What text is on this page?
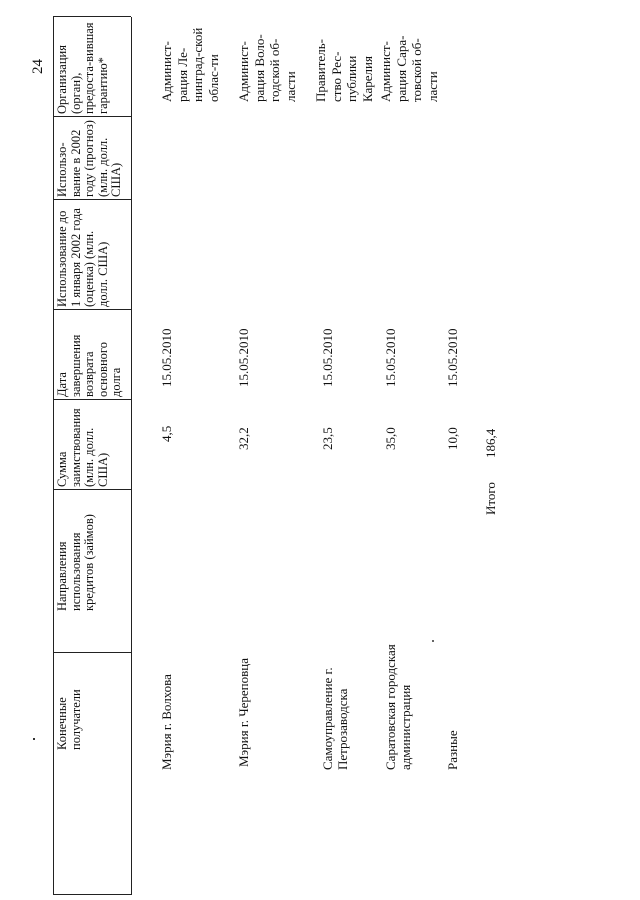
24
Конечные получатели
Направления использования кредитов (займов)
Сумма заимствования (млн. долл. США)
Дата завершения возврата основного долга
Использование до 1 января 2002 года (оценка) (млн. долл. США)
Использо-вание в 2002 году (прогноз) (млн. долл. США)
Организация (орган), предоста-вившая гарантию*
Мэрия г. Волхова
4,5
15.05.2010
Админист-рация Ле-нинград-ской облас-ти
Мэрия г. Череповца
32,2
15.05.2010
Админист-рация Воло-годской об-ласти
Самоуправление г. Петрозаводска
23,5
15.05.2010
Правитель-ство Рес-публики Карелия
Саратовская городская администрация
35,0
15.05.2010
Админист-рация Сара-товской об-ласти
Разные
10,0
15.05.2010
Итого
186,4
